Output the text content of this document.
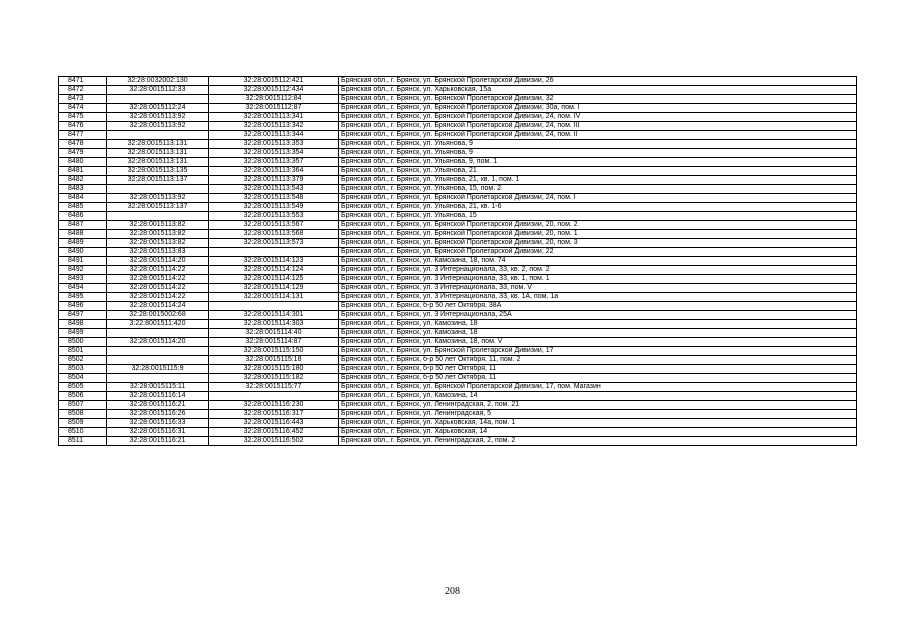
8471	32:28:0032002:130	32:28:0015112:421	Брянская обл., г. Брянск, ул. Брянской Пролетарской Дивизии, 26
8472	32:28:0015112:33	32:28:0015112:434	Брянская обл., г. Брянск, ул. Харьковская, 15а
8473		32:28:0015112:84	Брянская обл., г. Брянск, ул. Брянской Пролетарской Дивизии, 32
8474	32:28:0015112:24	32:28:0015112:87	Брянская обл., г. Брянск, ул. Брянской Пролетарской Дивизии, 30а, пом. I
8475	32:28:0015113:92	32:28:0015113:341	Брянская обл., г. Брянск, ул. Брянской Пролетарской Дивизии, 24, пом. IV
8476	32:28:0015113:92	32:28:0015113:342	Брянская обл., г. Брянск, ул. Брянской Пролетарской Дивизии, 24, пом. III
8477		32:28:0015113:344	Брянская обл., г. Брянск, ул. Брянской Пролетарской Дивизии, 24, пом. II
8478	32:28:0015113:131	32:28:0015113:353	Брянская обл., г. Брянск, ул. Ульянова, 9
8479	32:28:0015113:131	32:28:0015113:354	Брянская обл., г. Брянск, ул. Ульянова, 9
8480	32:28:0015113:131	32:28:0015113:357	Брянская обл., г. Брянск, ул. Ульянова, 9, пом. 1
8481	32:28:0015113:135	32:28:0015113:364	Брянская обл., г. Брянск, ул. Ульянова, 21
8482	32:28:0015113:137	32:28:0015113:379	Брянская обл., г. Брянск, ул. Ульянова, 21, кв. 1, пом. 1
8483		32:28:0015113:543	Брянская обл., г. Брянск, ул. Ульянова, 15, пом. 2
8484	32:28:0015113:92	32:28:0015113:548	Брянская обл., г. Брянск, ул. Брянской Пролетарской Дивизии, 24, пом. I
8485	32:28:0015113:137	32:28:0015113:549	Брянская обл., г. Брянск, ул. Ульянова, 21, кв. 1-6
8486		32:28:0015113:553	Брянская обл., г. Брянск, ул. Ульянова, 15
8487	32:28:0015113:82	32:28:0015113:567	Брянская обл., г. Брянск, ул. Брянской Пролетарской Дивизии, 20, пом. 2
8488	32:28:0015113:82	32:28:0015113:568	Брянская обл., г. Брянск, ул. Брянской Пролетарской Дивизии, 20, пом. 1
8489	32:28:0015113:82	32:28:0015113:573	Брянская обл., г. Брянск, ул. Брянской Пролетарской Дивизии, 20, пом. 3
8490	32:28:0015113:83		Брянская обл., г. Брянск, ул. Брянской Пролетарской Дивизии, 22
8491	32:28:0015114:20	32:28:0015114:123	Брянская обл., г. Брянск, ул. Камозина, 18, пом. 74
8492	32:28:0015114:22	32:28:0015114:124	Брянская обл., г. Брянск, ул. 3 Интернационала, 33, кв. 2, пом. 2
8493	32:28:0015114:22	32:28:0015114:125	Брянская обл., г. Брянск, ул. 3 Интернационала, 33, кв. 1, пом. 1
8494	32:28:0015114:22	32:28:0015114:129	Брянская обл., г. Брянск, ул. 3 Интернационала, 33, пом. V
8495	32:28:0015114:22	32:28:0015114:131	Брянская обл., г. Брянск, ул. 3 Интернационала, 33, кв. 1А, пом. 1а
8496	32:28:0015114:24		Брянская обл., г. Брянск, б-р 50 лет Октября, 38А
8497	32:28:0015002:68	32:28:0015114:301	Брянская обл., г. Брянск, ул. 3 Интернационала, 25А
8498	3:22:8001511:420	32:28:0015114:303	Брянская обл., г. Брянск, ул. Камозина, 18
8499		32:28:0015114:40	Брянская обл., г. Брянск, ул. Камозина, 18
8500	32:28:0015114:20	32:28:0015114:87	Брянская обл., г. Брянск, ул. Камозина, 18, пом. V
8501		32:28:0015115:150	Брянская обл., г. Брянск, ул. Брянской Пролетарской Дивизии, 17
8502		32:28:0015115:18	Брянская обл., г. Брянск, б-р 50 лет Октября, 11, пом. 2
8503	32:28:0015115:9	32:28:0015115:180	Брянская обл., г. Брянск, б-р 50 лет Октября, 11
8504		32:28:0015115:182	Брянская обл., г. Брянск, б-р 50 лет Октября, 11
8505	32:28:0015115:11	32:28:0015115:77	Брянская обл., г. Брянск, ул. Брянской Пролетарской Дивизии, 17, пом. Магазин
8506	32:28:0015116:14		Брянская обл., г. Брянск, ул. Камозина, 14
8507	32:28:0015116:21	32:28:0015116:230	Брянская обл., г. Брянск, ул. Ленинградская, 2, пом. 21
8508	32:28:0015116:26	32:28:0015116:317	Брянская обл., г. Брянск, ул. Ленинградская, 5
8509	32:28:0015116:33	32:28:0015116:443	Брянская обл., г. Брянск, ул. Харьковская, 14а, пом. 1
8510	32:28:0015116:31	32:28:0015116:452	Брянская обл., г. Брянск, ул. Харьковская, 14
8511	32:28:0015116:21	32:28:0015116:502	Брянская обл., г. Брянск, ул. Ленинградская, 2, пом. 2
208
